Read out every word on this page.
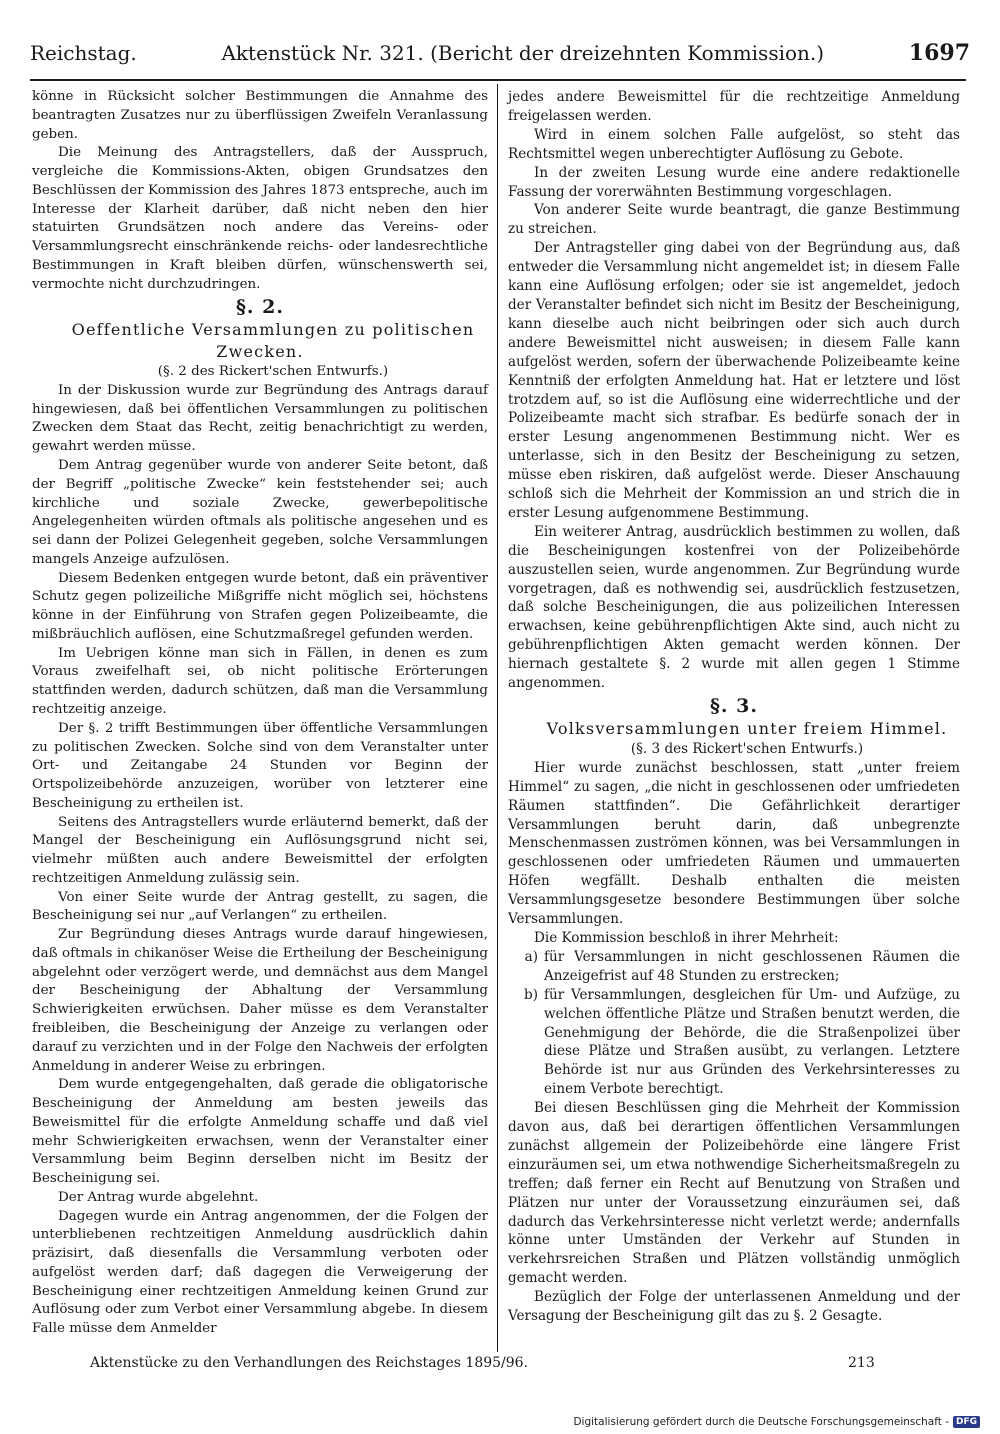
Reichstag.	Aktenstück Nr. 321. (Bericht der dreizehnten Kommission.)	1697

könne in Rücksicht solcher Bestimmungen die Annahme des beantragten Zusatzes nur zu überflüssigen Zweifeln Veranlassung geben.

Die Meinung des Antragstellers, daß der Ausspruch, vergleiche die Kommissions-Akten, obigen Grundsatzes den Beschlüssen der Kommission des Jahres 1873 entspreche, auch im Interesse der Klarheit darüber, daß nicht neben den hier statuirten Grundsätzen noch andere das Vereins- oder Versammlungsrecht einschränkende reichs- oder landesrechtliche Bestimmungen in Kraft bleiben dürfen, wünschenswerth sei, vermochte nicht durchzudringen.

§. 2.

Oeffentliche Versammlungen zu politischen Zwecken.

(§. 2 des Rickert'schen Entwurfs.)

In der Diskussion wurde zur Begründung des Antrags darauf hingewiesen, daß bei öffentlichen Versammlungen zu politischen Zwecken dem Staat das Recht, zeitig benachrichtigt zu werden, gewahrt werden müsse.

Dem Antrag gegenüber wurde von anderer Seite betont, daß der Begriff „politische Zwecke“ kein feststehender sei; auch kirchliche und soziale Zwecke, gewerbepolitische Angelegenheiten würden oftmals als politische angesehen und es sei dann der Polizei Gelegenheit gegeben, solche Versammlungen mangels Anzeige aufzulösen.

Diesem Bedenken entgegen wurde betont, daß ein präventiver Schutz gegen polizeiliche Mißgriffe nicht möglich sei, höchstens könne in der Einführung von Strafen gegen Polizeibeamte, die mißbräuchlich auflösen, eine Schutzmaßregel gefunden werden.

Im Uebrigen könne man sich in Fällen, in denen es zum Voraus zweifelhaft sei, ob nicht politische Erörterungen stattfinden werden, dadurch schützen, daß man die Versammlung rechtzeitig anzeige.

Der §. 2 trifft Bestimmungen über öffentliche Versammlungen zu politischen Zwecken. Solche sind von dem Veranstalter unter Ort- und Zeitangabe 24 Stunden vor Beginn der Ortspolizeibehörde anzuzeigen, worüber von letzterer eine Bescheinigung zu ertheilen ist.

Seitens des Antragstellers wurde erläuternd bemerkt, daß der Mangel der Bescheinigung ein Auflösungsgrund nicht sei, vielmehr müßten auch andere Beweismittel der erfolgten rechtzeitigen Anmeldung zulässig sein.

Von einer Seite wurde der Antrag gestellt, zu sagen, die Bescheinigung sei nur „auf Verlangen“ zu ertheilen.

Zur Begründung dieses Antrags wurde darauf hingewiesen, daß oftmals in chikanöser Weise die Ertheilung der Bescheinigung abgelehnt oder verzögert werde, und demnächst aus dem Mangel der Bescheinigung der Abhaltung der Versammlung Schwierigkeiten erwüchsen. Daher müsse es dem Veranstalter freibleiben, die Bescheinigung der Anzeige zu verlangen oder darauf zu verzichten und in der Folge den Nachweis der erfolgten Anmeldung in anderer Weise zu erbringen.

Dem wurde entgegengehalten, daß gerade die obligatorische Bescheinigung der Anmeldung am besten jeweils das Beweismittel für die erfolgte Anmeldung schaffe und daß viel mehr Schwierigkeiten erwachsen, wenn der Veranstalter einer Versammlung beim Beginn derselben nicht im Besitz der Bescheinigung sei.

Der Antrag wurde abgelehnt.

Dagegen wurde ein Antrag angenommen, der die Folgen der unterbliebenen rechtzeitigen Anmeldung ausdrücklich dahin präzisirt, daß diesenfalls die Versammlung verboten oder aufgelöst werden darf; daß dagegen die Verweigerung der Bescheinigung einer rechtzeitigen Anmeldung keinen Grund zur Auflösung oder zum Verbot einer Versammlung abgebe. In diesem Falle müsse dem Anmelder

jedes andere Beweismittel für die rechtzeitige Anmeldung freigelassen werden.

Wird in einem solchen Falle aufgelöst, so steht das Rechtsmittel wegen unberechtigter Auflösung zu Gebote.

In der zweiten Lesung wurde eine andere redaktionelle Fassung der vorerwähnten Bestimmung vorgeschlagen.

Von anderer Seite wurde beantragt, die ganze Bestimmung zu streichen.

Der Antragsteller ging dabei von der Begründung aus, daß entweder die Versammlung nicht angemeldet ist; in diesem Falle kann eine Auflösung erfolgen; oder sie ist angemeldet, jedoch der Veranstalter befindet sich nicht im Besitz der Bescheinigung, kann dieselbe auch nicht beibringen oder sich auch durch andere Beweismittel nicht ausweisen; in diesem Falle kann aufgelöst werden, sofern der überwachende Polizeibeamte keine Kenntniß der erfolgten Anmeldung hat. Hat er letztere und löst trotzdem auf, so ist die Auflösung eine widerrechtliche und der Polizeibeamte macht sich strafbar. Es bedürfe sonach der in erster Lesung angenommenen Bestimmung nicht. Wer es unterlasse, sich in den Besitz der Bescheinigung zu setzen, müsse eben riskiren, daß aufgelöst werde. Dieser Anschauung schloß sich die Mehrheit der Kommission an und strich die in erster Lesung aufgenommene Bestimmung.

Ein weiterer Antrag, ausdrücklich bestimmen zu wollen, daß die Bescheinigungen kostenfrei von der Polizeibehörde auszustellen seien, wurde angenommen. Zur Begründung wurde vorgetragen, daß es nothwendig sei, ausdrücklich festzusetzen, daß solche Bescheinigungen, die aus polizeilichen Interessen erwachsen, keine gebührenpflichtigen Akte sind, auch nicht zu gebührenpflichtigen Akten gemacht werden können. Der hiernach gestaltete §. 2 wurde mit allen gegen 1 Stimme angenommen.

§. 3.

Volksversammlungen unter freiem Himmel.

(§. 3 des Rickert'schen Entwurfs.)

Hier wurde zunächst beschlossen, statt „unter freiem Himmel“ zu sagen, „die nicht in geschlossenen oder umfriedeten Räumen stattfinden“. Die Gefährlichkeit derartiger Versammlungen beruht darin, daß unbegrenzte Menschenmassen zuströmen können, was bei Versammlungen in geschlossenen oder umfriedeten Räumen und ummauerten Höfen wegfällt. Deshalb enthalten die meisten Versammlungsgesetze besondere Bestimmungen über solche Versammlungen.

Die Kommission beschloß in ihrer Mehrheit:

a) für Versammlungen in nicht geschlossenen Räumen die Anzeigefrist auf 48 Stunden zu erstrecken;
b) für Versammlungen, desgleichen für Um- und Aufzüge, zu welchen öffentliche Plätze und Straßen benutzt werden, die Genehmigung der Behörde, die die Straßenpolizei über diese Plätze und Straßen ausübt, zu verlangen. Letztere Behörde ist nur aus Gründen des Verkehrsinteresses zu einem Verbote berechtigt.

Bei diesen Beschlüssen ging die Mehrheit der Kommission davon aus, daß bei derartigen öffentlichen Versammlungen zunächst allgemein der Polizeibehörde eine längere Frist einzuräumen sei, um etwa nothwendige Sicherheitsmaßregeln zu treffen; daß ferner ein Recht auf Benutzung von Straßen und Plätzen nur unter der Voraussetzung einzuräumen sei, daß dadurch das Verkehrsinteresse nicht verletzt werde; andernfalls könne unter Umständen der Verkehr auf Stunden in verkehrsreichen Straßen und Plätzen vollständig unmöglich gemacht werden.

Bezüglich der Folge der unterlassenen Anmeldung und der Versagung der Bescheinigung gilt das zu §. 2 Gesagte.

Aktenstücke zu den Verhandlungen des Reichstages 1895/96.	213
Digitalisierung gefördert durch die Deutsche Forschungsgemeinschaft - DFG
